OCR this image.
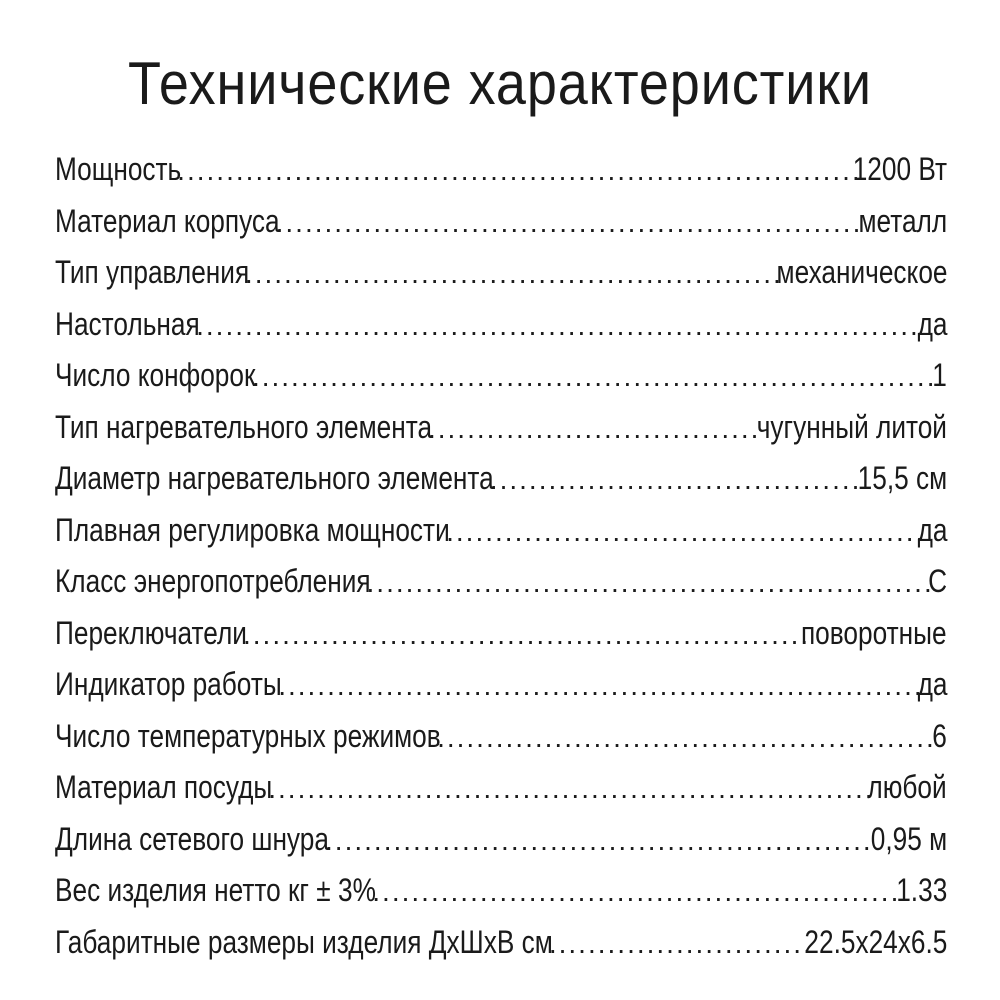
Технические характеристики
Мощность .....	1200 Вт
Материал корпуса .....	металл
Тип управления .....	механическое
Настольная .....	да
Число конфорок .....	1
Тип нагревательного элемента .....	чугунный литой
Диаметр нагревательного элемента .....	15,5 см
Плавная регулировка мощности .....	да
Класс энергопотребления .....	С
Переключатели .....	поворотные
Индикатор работы .....	да
Число температурных режимов .....	6
Материал посуды .....	любой
Длина сетевого шнура .....	0,95 м
Вес изделия нетто кг ± 3% .....	1.33
Габаритные размеры изделия ДхШхВ см .....	22.5x24x6.5
